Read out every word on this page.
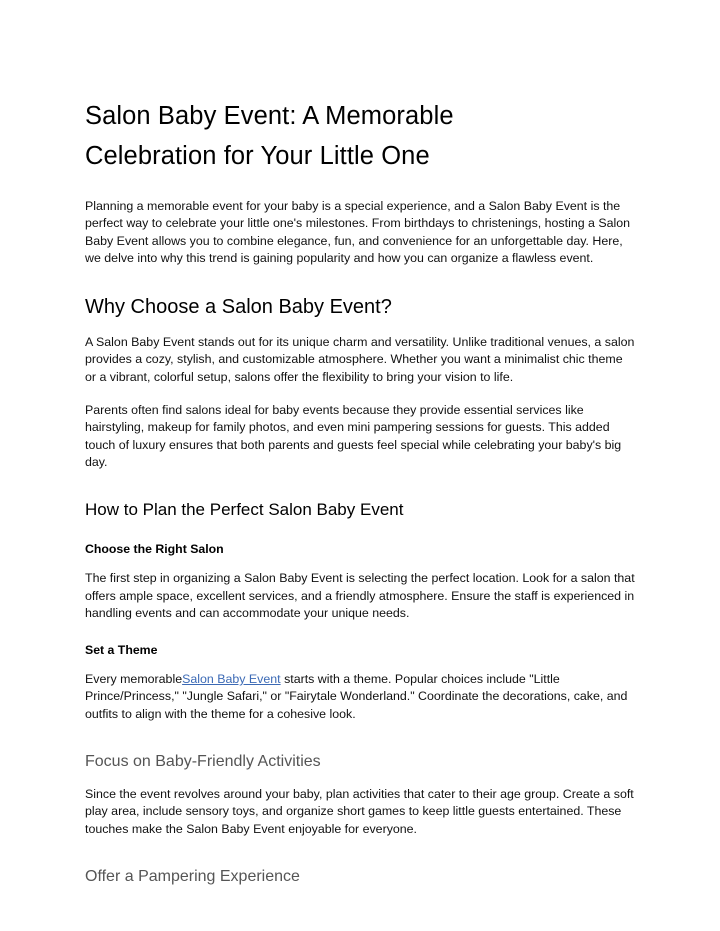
Salon Baby Event: A Memorable Celebration for Your Little One

Planning a memorable event for your baby is a special experience, and a Salon Baby Event is the perfect way to celebrate your little one's milestones. From birthdays to christenings, hosting a Salon Baby Event allows you to combine elegance, fun, and convenience for an unforgettable day. Here, we delve into why this trend is gaining popularity and how you can organize a flawless event.

Why Choose a Salon Baby Event?

A Salon Baby Event stands out for its unique charm and versatility. Unlike traditional venues, a salon provides a cozy, stylish, and customizable atmosphere. Whether you want a minimalist chic theme or a vibrant, colorful setup, salons offer the flexibility to bring your vision to life.

Parents often find salons ideal for baby events because they provide essential services like hairstyling, makeup for family photos, and even mini pampering sessions for guests. This added touch of luxury ensures that both parents and guests feel special while celebrating your baby's big day.

How to Plan the Perfect Salon Baby Event
Choose the Right Salon

The first step in organizing a Salon Baby Event is selecting the perfect location. Look for a salon that offers ample space, excellent services, and a friendly atmosphere. Ensure the staff is experienced in handling events and can accommodate your unique needs.

Set a Theme

Every memorableSalon Baby Event starts with a theme. Popular choices include "Little Prince/Princess," "Jungle Safari," or "Fairytale Wonderland." Coordinate the decorations, cake, and outfits to align with the theme for a cohesive look.

Focus on Baby-Friendly Activities

Since the event revolves around your baby, plan activities that cater to their age group. Create a soft play area, include sensory toys, and organize short games to keep little guests entertained. These touches make the Salon Baby Event enjoyable for everyone.

Offer a Pampering Experience
